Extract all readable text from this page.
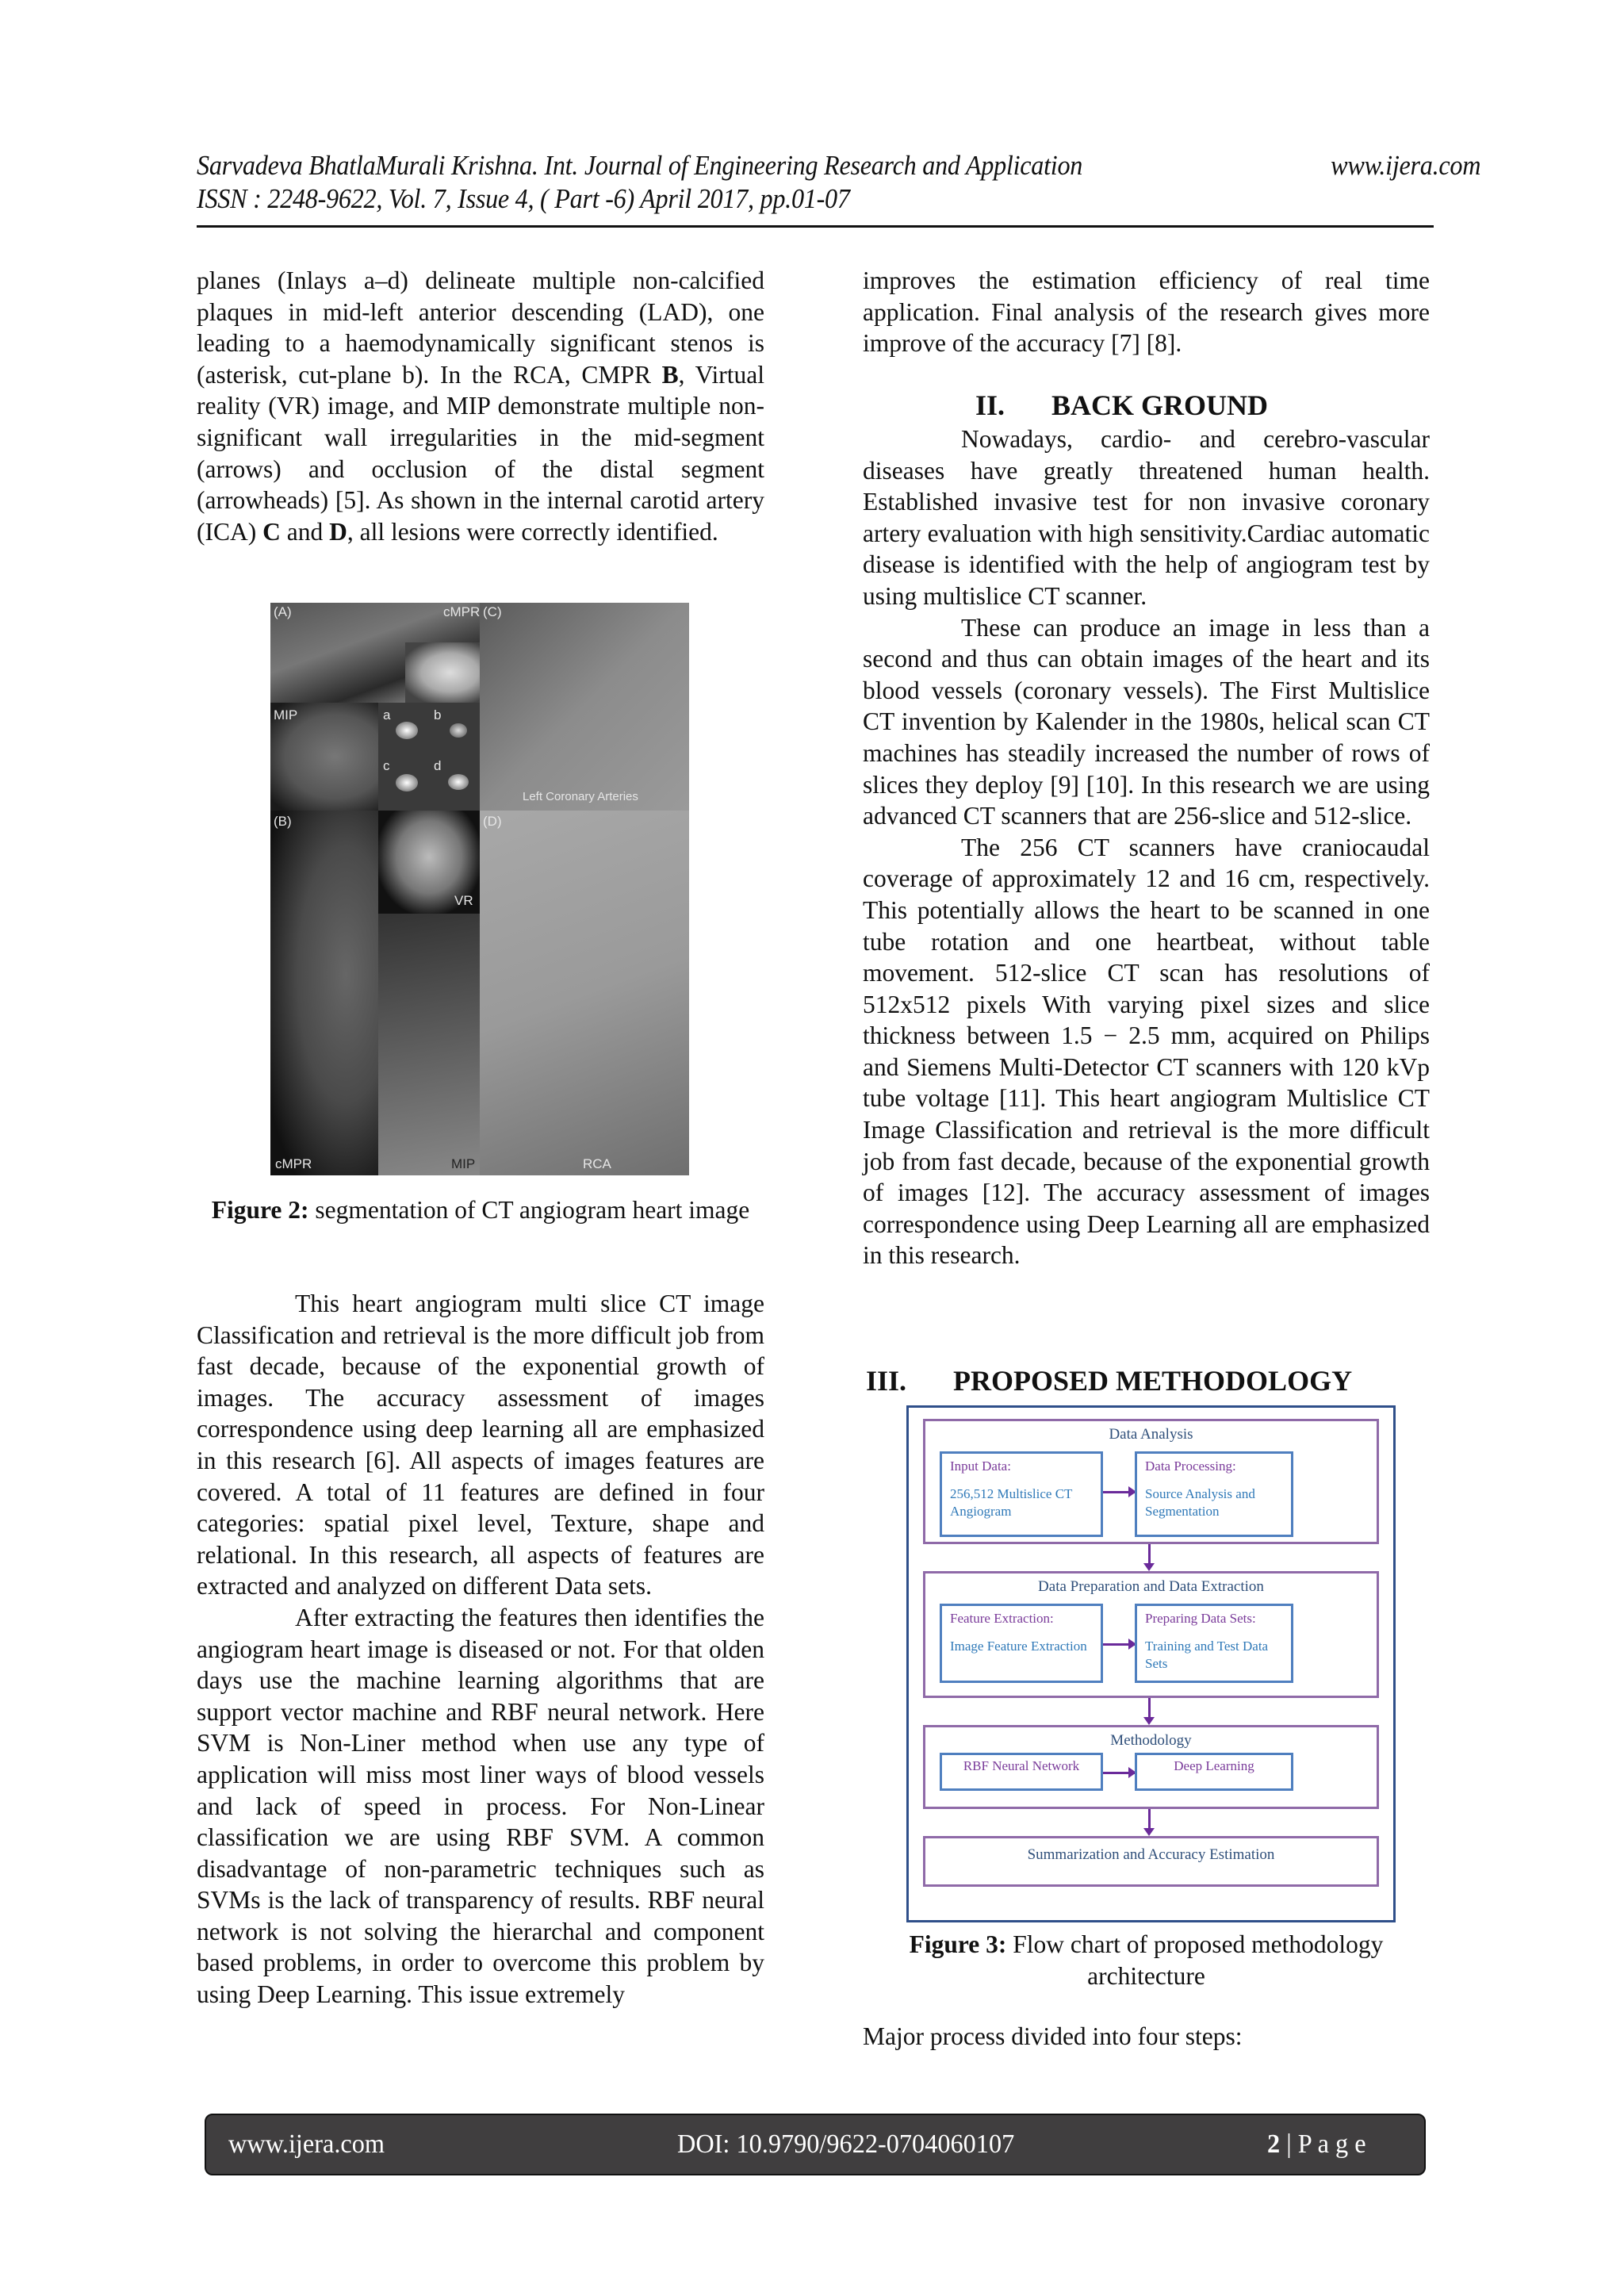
Sarvadeva BhatlaMurali Krishna. Int. Journal of Engineering Research and Application	www.ijera.com
ISSN : 2248-9622, Vol. 7, Issue 4, ( Part -6) April 2017, pp.01-07

planes (Inlays a–d) delineate multiple non-calcified plaques in mid-left anterior descending (LAD), one leading to a haemodynamically significant stenos is (asterisk, cut-plane b). In the RCA, CMPR B, Virtual reality (VR) image, and MIP demonstrate multiple non-significant wall irregularities in the mid-segment (arrows) and occlusion of the distal segment (arrowheads) [5]. As shown in the internal carotid artery (ICA) C and D, all lesions were correctly identified.

(A)	cMPR (C)
MIP	a	b
c	d
Left Coronary Arteries
(B)	(D)
VR
cMPR	MIP	RCA
Figure 2: segmentation of CT angiogram heart image

This heart angiogram multi slice CT image Classification and retrieval is the more difficult job from fast decade, because of the exponential growth of images. The accuracy assessment of images correspondence using deep learning all are emphasized in this research [6]. All aspects of images features are covered. A total of 11 features are defined in four categories: spatial pixel level, Texture, shape and relational. In this research, all aspects of features are extracted and analyzed on different Data sets.

After extracting the features then identifies the angiogram heart image is diseased or not. For that olden days use the machine learning algorithms that are support vector machine and RBF neural network. Here SVM is Non-Liner method when use any type of application will miss most liner ways of blood vessels and lack of speed in process. For Non-Linear classification we are using RBF SVM. A common disadvantage of non-parametric techniques such as SVMs is the lack of transparency of results. RBF neural network is not solving the hierarchal and component based problems, in order to overcome this problem by using Deep Learning. This issue extremely

improves the estimation efficiency of real time application. Final analysis of the research gives more improve of the accuracy [7] [8].

II. BACK GROUND

Nowadays, cardio- and cerebro-vascular diseases have greatly threatened human health. Established invasive test for non invasive coronary artery evaluation with high sensitivity.Cardiac automatic disease is identified with the help of angiogram test by using multislice CT scanner.

These can produce an image in less than a second and thus can obtain images of the heart and its blood vessels (coronary vessels). The First Multislice CT invention by Kalender in the 1980s, helical scan CT machines has steadily increased the number of rows of slices they deploy [9] [10]. In this research we are using advanced CT scanners that are 256-slice and 512-slice.

The 256 CT scanners have craniocaudal coverage of approximately 12 and 16 cm, respectively. This potentially allows the heart to be scanned in one tube rotation and one heartbeat, without table movement. 512-slice CT scan has resolutions of 512x512 pixels With varying pixel sizes and slice thickness between 1.5 − 2.5 mm, acquired on Philips and Siemens Multi-Detector CT scanners with 120 kVp tube voltage [11]. This heart angiogram Multislice CT Image Classification and retrieval is the more difficult job from fast decade, because of the exponential growth of images [12]. The accuracy assessment of images correspondence using Deep Learning all are emphasized in this research.

III. PROPOSED METHODOLOGY
Data Analysis
Input Data:
256,512 Multislice CT Angiogram
Data Processing:
Source Analysis and Segmentation
Data Preparation and Data Extraction
Feature Extraction:
Image Feature Extraction
Preparing Data Sets:
Training and Test Data Sets
Methodology
RBF Neural Network	Deep Learning
Summarization and Accuracy Estimation
Figure 3: Flow chart of proposed methodology architecture

Major process divided into four steps:

www.ijera.com	DOI: 10.9790/9622-0704060107	2 | P a g e
